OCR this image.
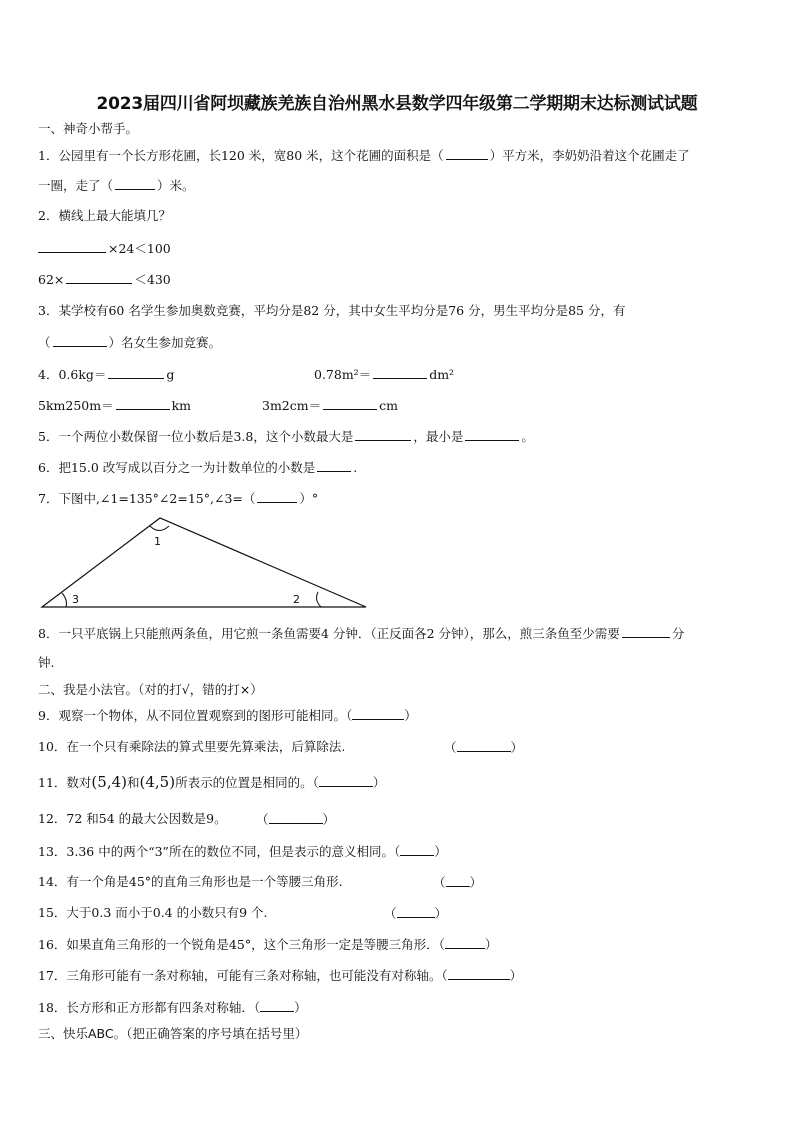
2023届四川省阿坝藏族羌族自治州黑水县数学四年级第二学期期末达标测试试题
一、神奇小帮手。
1．公园里有一个长方形花圃，长120 米，宽80 米，这个花圃的面积是（	）平方米，李奶奶沿着这个花圃走了
一圈，走了（	）米。
2．横线上最大能填几？
×24＜100
62×	＜430
3．某学校有60 名学生参加奥数竞赛，平均分是82 分，其中女生平均分是76 分，男生平均分是85 分，有
（	）名女生参加竞赛。
4．0.6kg＝	g	0.78m²＝	dm²
5km250m＝	km	3m2cm＝	cm
5．一个两位小数保留一位小数后是3.8，这个小数最大是	，最小是	。
6．把15.0 改写成以百分之一为计数单位的小数是	.
7．下图中,∠1=135°∠2=15°,∠3=（	）°
1
2
3
8．一只平底锅上只能煎两条鱼，用它煎一条鱼需要4 分钟．（正反面各2 分钟），那么，煎三条鱼至少需要	分
钟.
二、我是小法官。（对的打√，错的打×）
9．观察一个物体，从不同位置观察到的图形可能相同。（	）
10．在一个只有乘除法的算式里要先算乘法，后算除法.	（	）
11．数对(5,4)和(4,5)所表示的位置是相同的。（	）
12．72 和54 的最大公因数是9。 （	）
13．3.36 中的两个“3”所在的数位不同，但是表示的意义相同。（	）
14．有一个角是45°的直角三角形也是一个等腰三角形.	（ ）
15．大于0.3 而小于0.4 的小数只有9 个.	（	）
16．如果直角三角形的一个锐角是45°，这个三角形一定是等腰三角形．（	）
17．三角形可能有一条对称轴，可能有三条对称轴，也可能没有对称轴。（	）
18．长方形和正方形都有四条对称轴．（	）
三、快乐ABC。（把正确答案的序号填在括号里）
